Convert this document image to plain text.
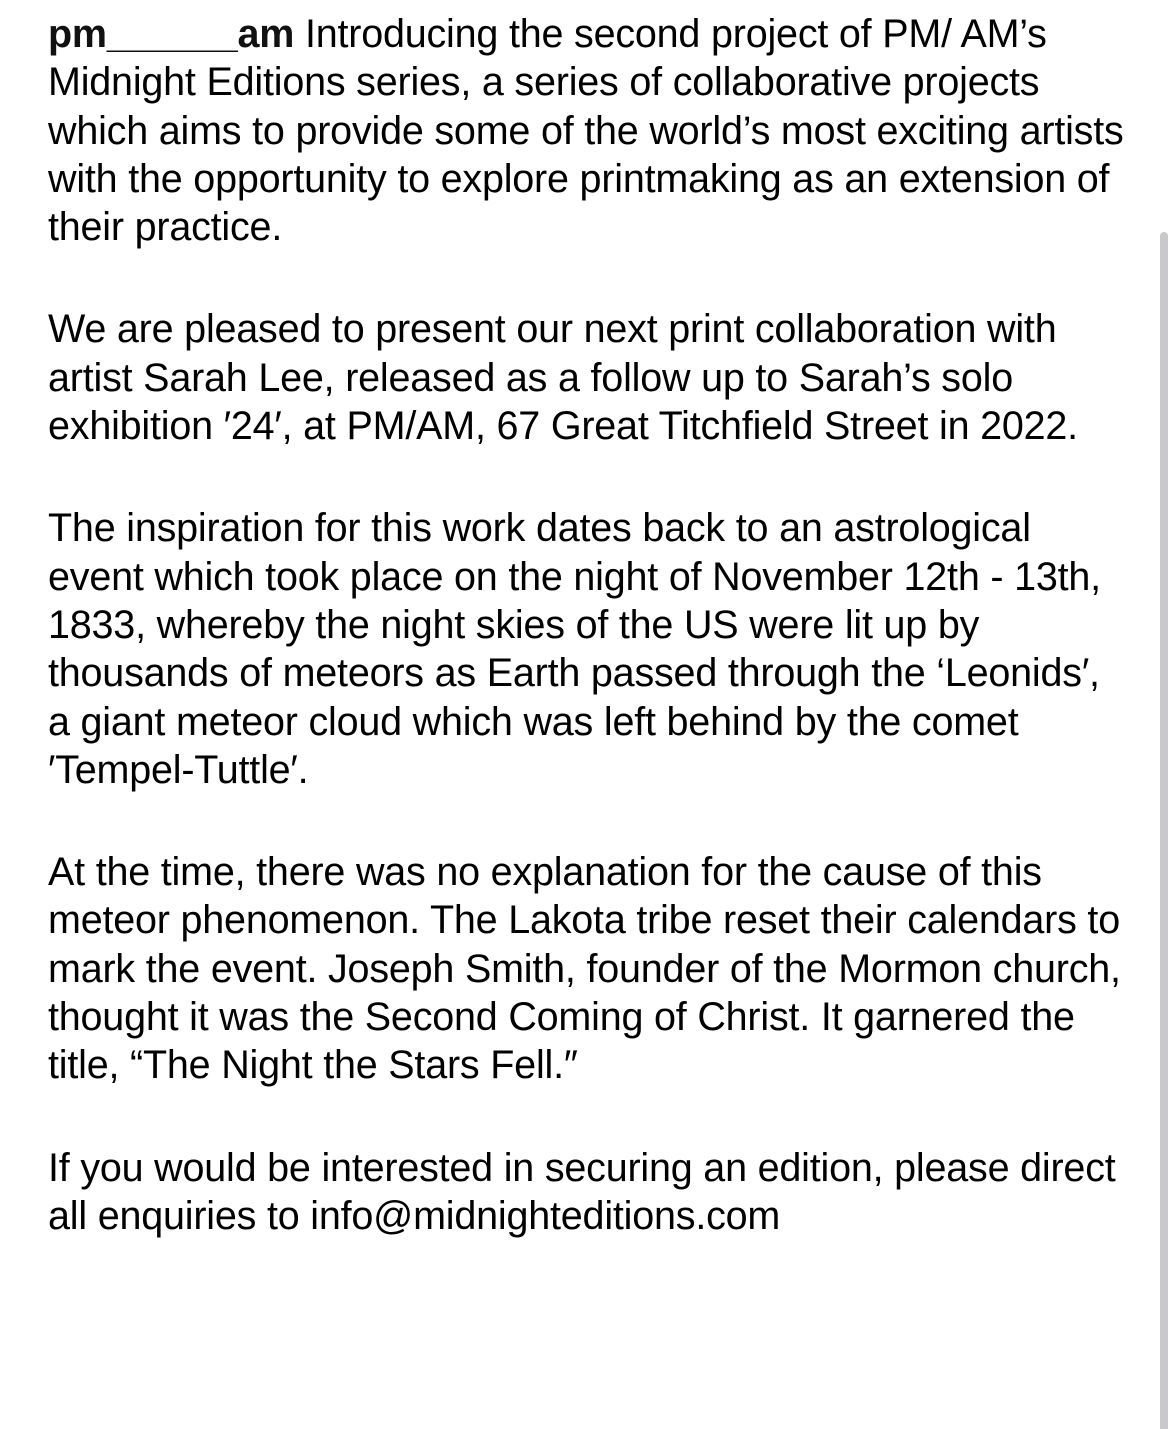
pm______am Introducing the second project of PM/ AM’s Midnight Editions series, a series of collaborative projects which aims to provide some of the world’s most exciting artists with the opportunity to explore printmaking as an extension of their practice.

We are pleased to present our next print collaboration with artist Sarah Lee, released as a follow up to Sarah’s solo exhibition ′24′, at PM/AM, 67 Great Titchfield Street in 2022.

The inspiration for this work dates back to an astrological event which took place on the night of November 12th - 13th, 1833, whereby the night skies of the US were lit up by thousands of meteors as Earth passed through the ‘Leonids′, a giant meteor cloud which was left behind by the comet ′Tempel-Tuttle′.

At the time, there was no explanation for the cause of this meteor phenomenon. The Lakota tribe reset their calendars to mark the event. Joseph Smith, founder of the Mormon church, thought it was the Second Coming of Christ. It garnered the title, “The Night the Stars Fell.″

If you would be interested in securing an edition, please direct all enquiries to info@midnighteditions.com
